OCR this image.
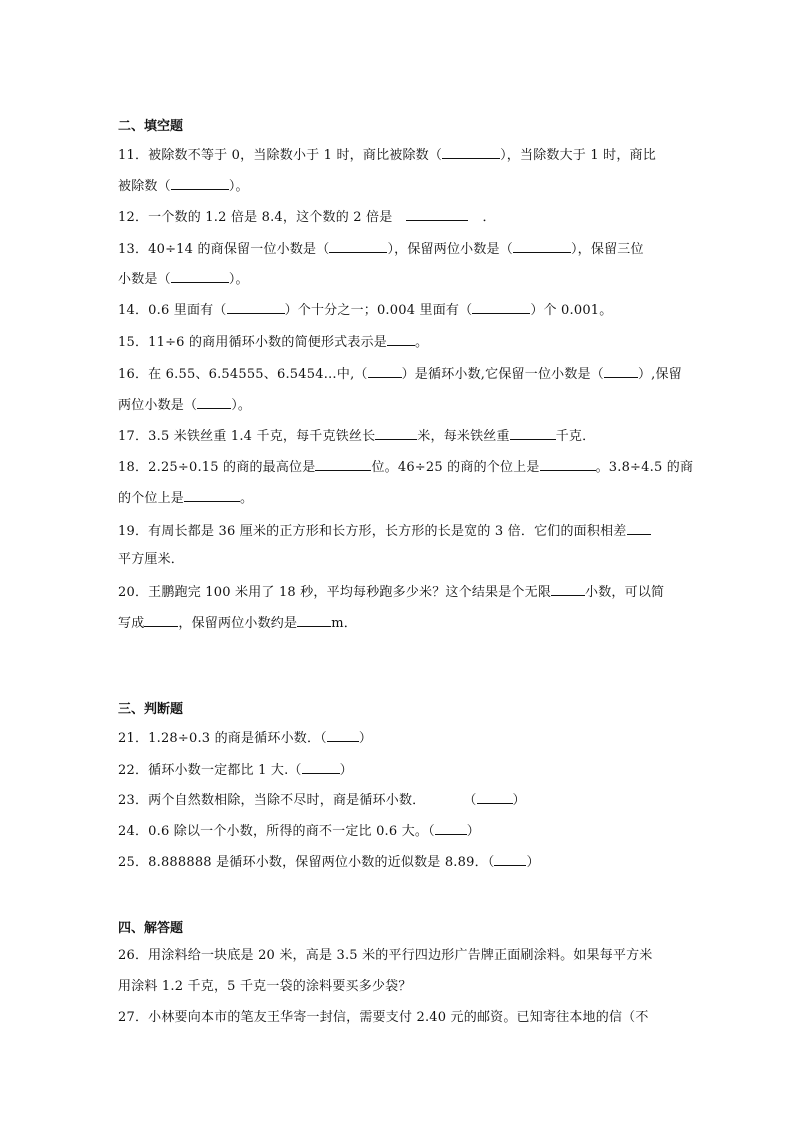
二、填空题
11．被除数不等于 0，当除数小于 1 时，商比被除数（	），当除数大于 1 时，商比
被除数（	）。
12．一个数的 1.2 倍是 8.4，这个数的 2 倍是	．
13．40÷14 的商保留一位小数是（	），保留两位小数是（	），保留三位
小数是（	）。
14．0.6 里面有（	）个十分之一；0.004 里面有（	）个 0.001。
15．11÷6 的商用循环小数的简便形式表示是 。
16．在 6.55、6.54555、6.5454…中,（	）是循环小数,它保留一位小数是（	）,保留
两位小数是（	）。
17．3.5 米铁丝重 1.4 千克，每千克铁丝长	米，每米铁丝重	千克．
18．2.25÷0.15 的商的最高位是	位。46÷25 的商的个位上是	。3.8÷4.5 的商
的个位上是	。
19．有周长都是 36 厘米的正方形和长方形，长方形的长是宽的 3 倍．它们的面积相差
平方厘米．
20．王鹏跑完 100 米用了 18 秒，平均每秒跑多少米？这个结果是个无限	小数，可以简
写成	，保留两位小数约是	m．
三、判断题
21．1.28÷0.3 的商是循环小数．（ ）
22．循环小数一定都比 1 大.（	）
23．两个自然数相除，当除不尽时，商是循环小数．	（	）
24．0.6 除以一个小数，所得的商不一定比 0.6 大。（ ）
25．8.888888 是循环小数，保留两位小数的近似数是 8.89．（ ）
四、解答题
26．用涂料给一块底是 20 米，高是 3.5 米的平行四边形广告牌正面刷涂料。如果每平方米
用涂料 1.2 千克，5 千克一袋的涂料要买多少袋？
27．小林要向本市的笔友王华寄一封信，需要支付 2.40 元的邮资。已知寄往本地的信（不
